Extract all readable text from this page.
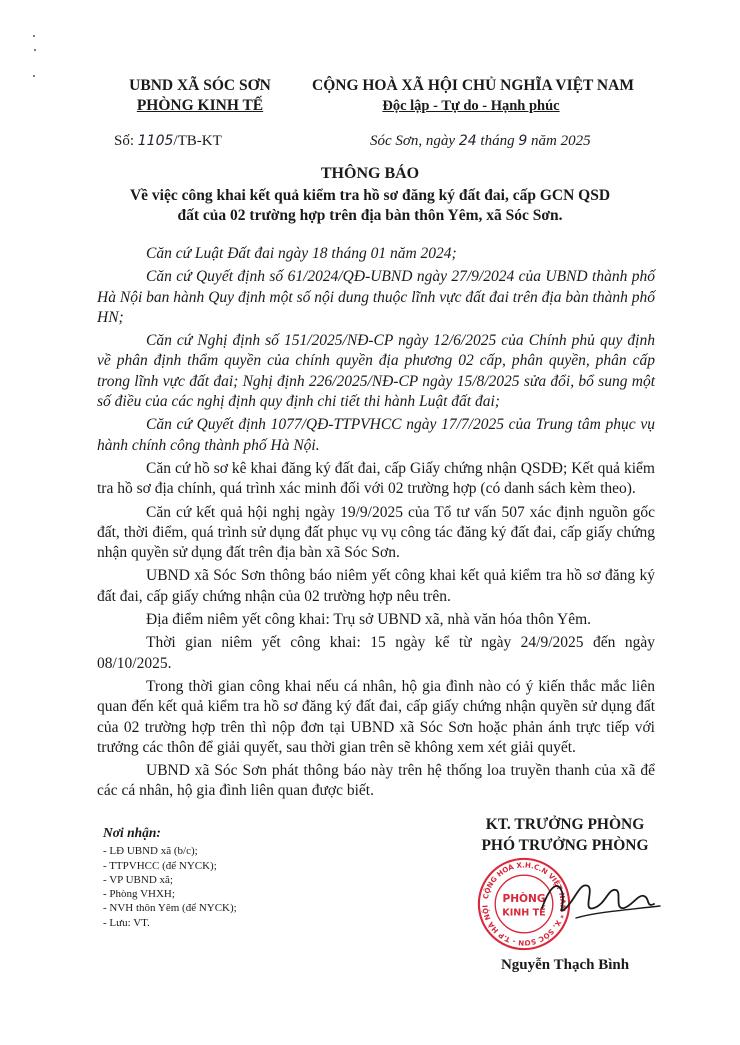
UBND XÃ SÓC SƠN
PHÒNG KINH TẾ
CỘNG HOÀ XÃ HỘI CHỦ NGHĨA VIỆT NAM
Độc lập - Tự do - Hạnh phúc
Số: 1105/TB-KT	Sóc Sơn, ngày 24 tháng 9 năm 2025
THÔNG BÁO
Về việc công khai kết quả kiểm tra hồ sơ đăng ký đất đai, cấp GCN QSD
đất của 02 trường hợp trên địa bàn thôn Yêm, xã Sóc Sơn.

Căn cứ Luật Đất đai ngày 18 tháng 01 năm 2024;

Căn cứ Quyết định số 61/2024/QĐ-UBND ngày 27/9/2024 của UBND thành phố Hà Nội ban hành Quy định một số nội dung thuộc lĩnh vực đất đai trên địa bàn thành phố HN;

Căn cứ Nghị định số 151/2025/NĐ-CP ngày 12/6/2025 của Chính phủ quy định về phân định thẩm quyền của chính quyền địa phương 02 cấp, phân quyền, phân cấp trong lĩnh vực đất đai; Nghị định 226/2025/NĐ-CP ngày 15/8/2025 sửa đổi, bổ sung một số điều của các nghị định quy định chi tiết thi hành Luật đất đai;

Căn cứ Quyết định 1077/QĐ-TTPVHCC ngày 17/7/2025 của Trung tâm phục vụ hành chính công thành phố Hà Nội.

Căn cứ hồ sơ kê khai đăng ký đất đai, cấp Giấy chứng nhận QSDĐ; Kết quả kiểm tra hồ sơ địa chính, quá trình xác minh đối với 02 trường hợp (có danh sách kèm theo).

Căn cứ kết quả hội nghị ngày 19/9/2025 của Tổ tư vấn 507 xác định nguồn gốc đất, thời điểm, quá trình sử dụng đất phục vụ vụ công tác đăng ký đất đai, cấp giấy chứng nhận quyền sử dụng đất trên địa bàn xã Sóc Sơn.

UBND xã Sóc Sơn thông báo niêm yết công khai kết quả kiểm tra hồ sơ đăng ký đất đai, cấp giấy chứng nhận của 02 trường hợp nêu trên.

Địa điểm niêm yết công khai: Trụ sở UBND xã, nhà văn hóa thôn Yêm.

Thời gian niêm yết công khai: 15 ngày kể từ ngày 24/9/2025 đến ngày 08/10/2025.

Trong thời gian công khai nếu cá nhân, hộ gia đình nào có ý kiến thắc mắc liên quan đến kết quả kiểm tra hồ sơ đăng ký đất đai, cấp giấy chứng nhận quyền sử dụng đất của 02 trường hợp trên thì nộp đơn tại UBND xã Sóc Sơn hoặc phản ánh trực tiếp với trưởng các thôn để giải quyết, sau thời gian trên sẽ không xem xét giải quyết.

UBND xã Sóc Sơn phát thông báo này trên hệ thống loa truyền thanh của xã để các cá nhân, hộ gia đình liên quan được biết.

Nơi nhận:
- LĐ UBND xã (b/c);
- TTPVHCC (để NYCK);
- VP UBND xã;
- Phòng VHXH;
- NVH thôn Yêm (để NYCK);
- Lưu: VT.
KT. TRƯỞNG PHÒNG
PHÓ TRƯỞNG PHÒNG
CỘNG HOÀ X.H.C.N VIỆT NAM * X. SÓC SƠN - T.P HÀ NỘI
PHÒNG
KINH TẾ
Nguyễn Thạch Bình
